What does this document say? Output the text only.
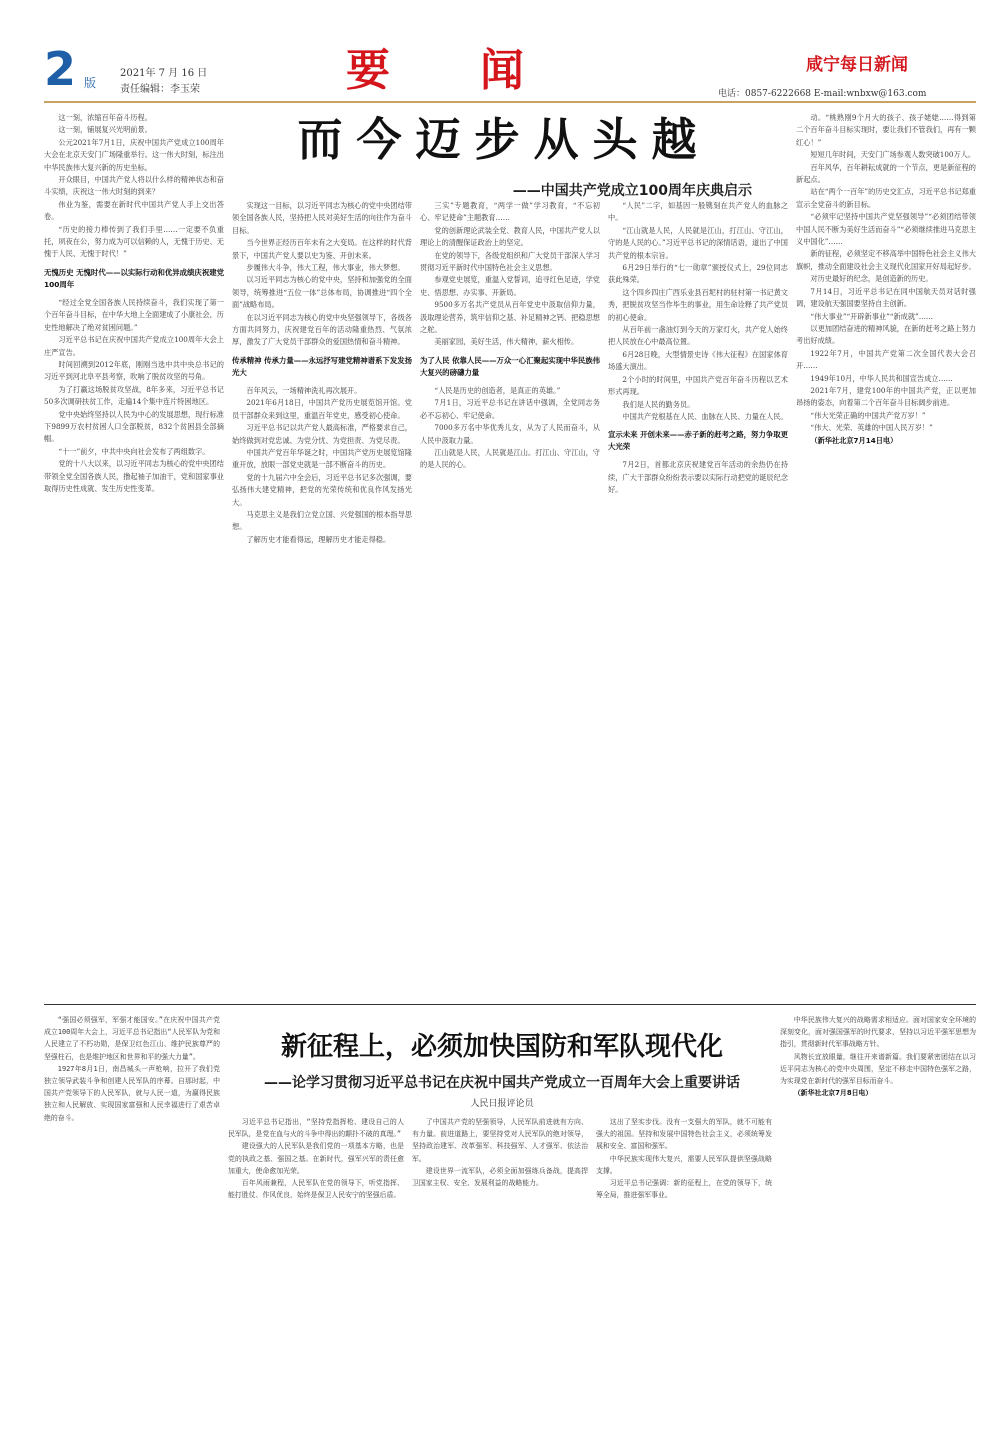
2 版
2021年 7 月 16 日
责任编辑：李玉荣	要闻	咸宁每日新闻
电话：0857-6222668 E-mail:wnbxw@163.com
而今迈步从头越
——中国共产党成立100周年庆典启示

这一刻，浓缩百年奋斗历程。

这一刻，铺展复兴光明前景。

公元2021年7月1日，庆祝中国共产党成立100周年大会在北京天安门广场隆重举行。这一伟大时刻，标注出中华民族伟大复兴新的历史坐标。

开众眼目，中国共产党人将以什么样的精神状态和奋斗实绩，庆祝这一伟大时刻的到来？

伟业为鉴，需要在新时代中国共产党人手上交出答卷。

“历史的接力棒传到了我们手里……一定要不负重托，夙夜在公，努力成为可以信赖的人，无愧于历史、无愧于人民、无愧于时代！”

无愧历史 无愧时代——以实际行动和优异成绩庆祝建党100周年

“经过全党全国各族人民持续奋斗，我们实现了第一个百年奋斗目标，在中华大地上全面建成了小康社会，历史性地解决了绝对贫困问题。”

习近平总书记在庆祝中国共产党成立100周年大会上庄严宣告。

时间回溯到2012年底，刚刚当选中共中央总书记的习近平到河北阜平县考察，吹响了脱贫攻坚的号角。

为了打赢这场脱贫攻坚战，8年多来，习近平总书记50多次调研扶贫工作，走遍14个集中连片特困地区。

党中央始终坚持以人民为中心的发展思想，现行标准下9899万农村贫困人口全部脱贫，832个贫困县全部摘帽。

“十一”前夕，中共中央向社会发布了两组数字。

党的十八大以来，以习近平同志为核心的党中央团结带领全党全国各族人民，撸起袖子加油干，党和国家事业取得历史性成就、发生历史性变革。

实现这一目标，以习近平同志为核心的党中央团结带领全国各族人民，坚持把人民对美好生活的向往作为奋斗目标。

当今世界正经历百年未有之大变局。在这样的时代背景下，中国共产党人要以史为鉴、开创未来。

步履伟大斗争，伟大工程，伟大事业，伟大梦想。

以习近平同志为核心的党中央，坚持和加强党的全面领导，统筹推进“五位一体”总体布局，协调推进“四个全面”战略布局。

在以习近平同志为核心的党中央坚强领导下，各级各方面共同努力，庆祝建党百年的活动隆重热烈、气氛浓厚，激发了广大党员干部群众的爱国热情和奋斗精神。

传承精神 传承力量——永远抒写建党精神谱系下发发扬光大

百年风云，一场精神洗礼再次展开。

2021年6月18日，中国共产党历史展览馆开馆。党员干部群众来到这里，重温百年党史，感受初心使命。

习近平总书记以共产党人最高标准，严格要求自己，始终做到对党忠诚、为党分忧、为党担责、为党尽责。

中国共产党百年华诞之时，中国共产党历史展览馆隆重开放，放眼一部党史就是一部不断奋斗的历史。

党的十九届六中全会后，习近平总书记多次强调，要弘扬伟大建党精神，把党的光荣传统和优良作风发扬光大。

马克思主义是我们立党立国、兴党强国的根本指导思想。

了解历史才能看得远，理解历史才能走得稳。

三实”专题教育，“两学一做”学习教育，“不忘初心、牢记使命”主题教育……

党的创新理论武装全党、教育人民，中国共产党人以理论上的清醒保证政治上的坚定。

在党的领导下，各级党组织和广大党员干部深入学习贯彻习近平新时代中国特色社会主义思想。

参观党史展览，重温入党誓词，追寻红色足迹，学党史、悟思想、办实事、开新局。

9500多万名共产党员从百年党史中汲取信仰力量，汲取理论营养，筑牢信仰之基、补足精神之钙、把稳思想之舵。

美丽家园，美好生活，伟大精神，薪火相传。

为了人民 依靠人民——万众一心汇聚起实现中华民族伟大复兴的磅礴力量

“人民是历史的创造者，是真正的英雄。”

7月1日，习近平总书记在讲话中强调，全党同志务必不忘初心、牢记使命。

7000多万名中华优秀儿女，从为了人民而奋斗，从人民中汲取力量。

江山就是人民，人民就是江山。打江山、守江山，守的是人民的心。

“人民”二字，如基因一般镌刻在共产党人的血脉之中。

“江山就是人民，人民就是江山，打江山、守江山，守的是人民的心。”习近平总书记的深情话语，道出了中国共产党的根本宗旨。

6月29日举行的“七一勋章”颁授仪式上，29位同志获此殊荣。

这个四乡四庄广西乐业县百坭村的驻村第一书记黄文秀，把脱贫攻坚当作毕生的事业，用生命诠释了共产党员的初心使命。

从百年前一盏油灯到今天的万家灯火，共产党人始终把人民放在心中最高位置。

6月28日晚，大型情景史诗《伟大征程》在国家体育场盛大演出。

2个小时的时间里，中国共产党百年奋斗历程以艺术形式再现。

我们是人民的勤务员。

中国共产党根基在人民、血脉在人民、力量在人民。

宣示未来 开创未来——赤子新的赶考之路，努力争取更大光荣

7月2日，首都北京庆祝建党百年活动的余热仍在持续，广大干部群众纷纷表示要以实际行动把党的诞辰纪念好。

动。“桃熟刚9个月大的孩子、孩子姥姥……得到第二个百年奋斗目标实现时，要让我们不管我们，再有一颗红心！”

短短几年时间，天安门广场参观人数突破100万人。

百年风华，百年耕耘成就的一个节点，更是新征程的新起点。

站在“两个一百年”的历史交汇点，习近平总书记郑重宣示全党奋斗的新目标。

“必须牢记坚持中国共产党坚强领导”“必须团结带领中国人民不断为美好生活而奋斗”“必须继续推进马克思主义中国化”……

新的征程，必须坚定不移高举中国特色社会主义伟大旗帜，推动全面建设社会主义现代化国家开好局起好步。

对历史最好的纪念，是创造新的历史。

7月14日，习近平总书记在同中国航天员对话时强调，建设航天强国要坚持自主创新。

“伟大事业”“开辟新事业”“新成就”……

以更加团结奋进的精神风貌，在新的赶考之路上努力考出好成绩。

1922年7月，中国共产党第二次全国代表大会召开……

1949年10月，中华人民共和国宣告成立……

2021年7月，建党100年的中国共产党，正以更加昂扬的姿态，向着第二个百年奋斗目标阔步前进。

“伟大光荣正确的中国共产党万岁！”

“伟大、光荣、英雄的中国人民万岁！”

（新华社北京7月14日电）

新征程上，必须加快国防和军队现代化
——论学习贯彻习近平总书记在庆祝中国共产党成立一百周年大会上重要讲话
人民日报评论员

“强国必须强军，军强才能国安。”在庆祝中国共产党成立100周年大会上，习近平总书记指出“人民军队为党和人民建立了不朽功勋，是保卫红色江山、维护民族尊严的坚强柱石，也是维护地区和世界和平的强大力量”。

1927年8月1日，南昌城头一声枪响，拉开了我们党独立领导武装斗争和创建人民军队的序幕。自那时起，中国共产党领导下的人民军队，就与人民一道，为赢得民族独立和人民解放、实现国家富强和人民幸福进行了艰苦卓绝的奋斗。

习近平总书记指出，“坚持党指挥枪、建设自己的人民军队，是党在血与火的斗争中得出的颠扑不破的真理。”

建设强大的人民军队是我们党的一项基本方略，也是党的执政之基、强国之基。在新时代，强军兴军的责任愈加重大，使命愈加光荣。

百年风雨兼程，人民军队在党的领导下，听党指挥、能打胜仗、作风优良，始终是保卫人民安宁的坚强后盾。

了中国共产党的坚强领导，人民军队前进就有方向、有力量。前进道路上，要坚持党对人民军队的绝对领导，坚持政治建军、改革强军、科技强军、人才强军、依法治军。

建设世界一流军队，必须全面加强练兵备战，提高捍卫国家主权、安全、发展利益的战略能力。

这出了坚实步伐。没有一支强大的军队，就不可能有强大的祖国。坚持和发展中国特色社会主义，必须统筹发展和安全、富国和强军。

中华民族实现伟大复兴，需要人民军队提供坚强战略支撑。

习近平总书记强调：新的征程上，在党的领导下，统筹全局，推进强军事业。

中华民族伟大复兴的战略需求相适应。面对国家安全环境的深刻变化，面对强国强军的时代要求，坚持以习近平强军思想为指引，贯彻新时代军事战略方针。

风物长宜放眼量，继往开来谱新篇。我们要紧密团结在以习近平同志为核心的党中央周围，坚定不移走中国特色强军之路，为实现党在新时代的强军目标而奋斗。

（新华社北京7月8日电）
